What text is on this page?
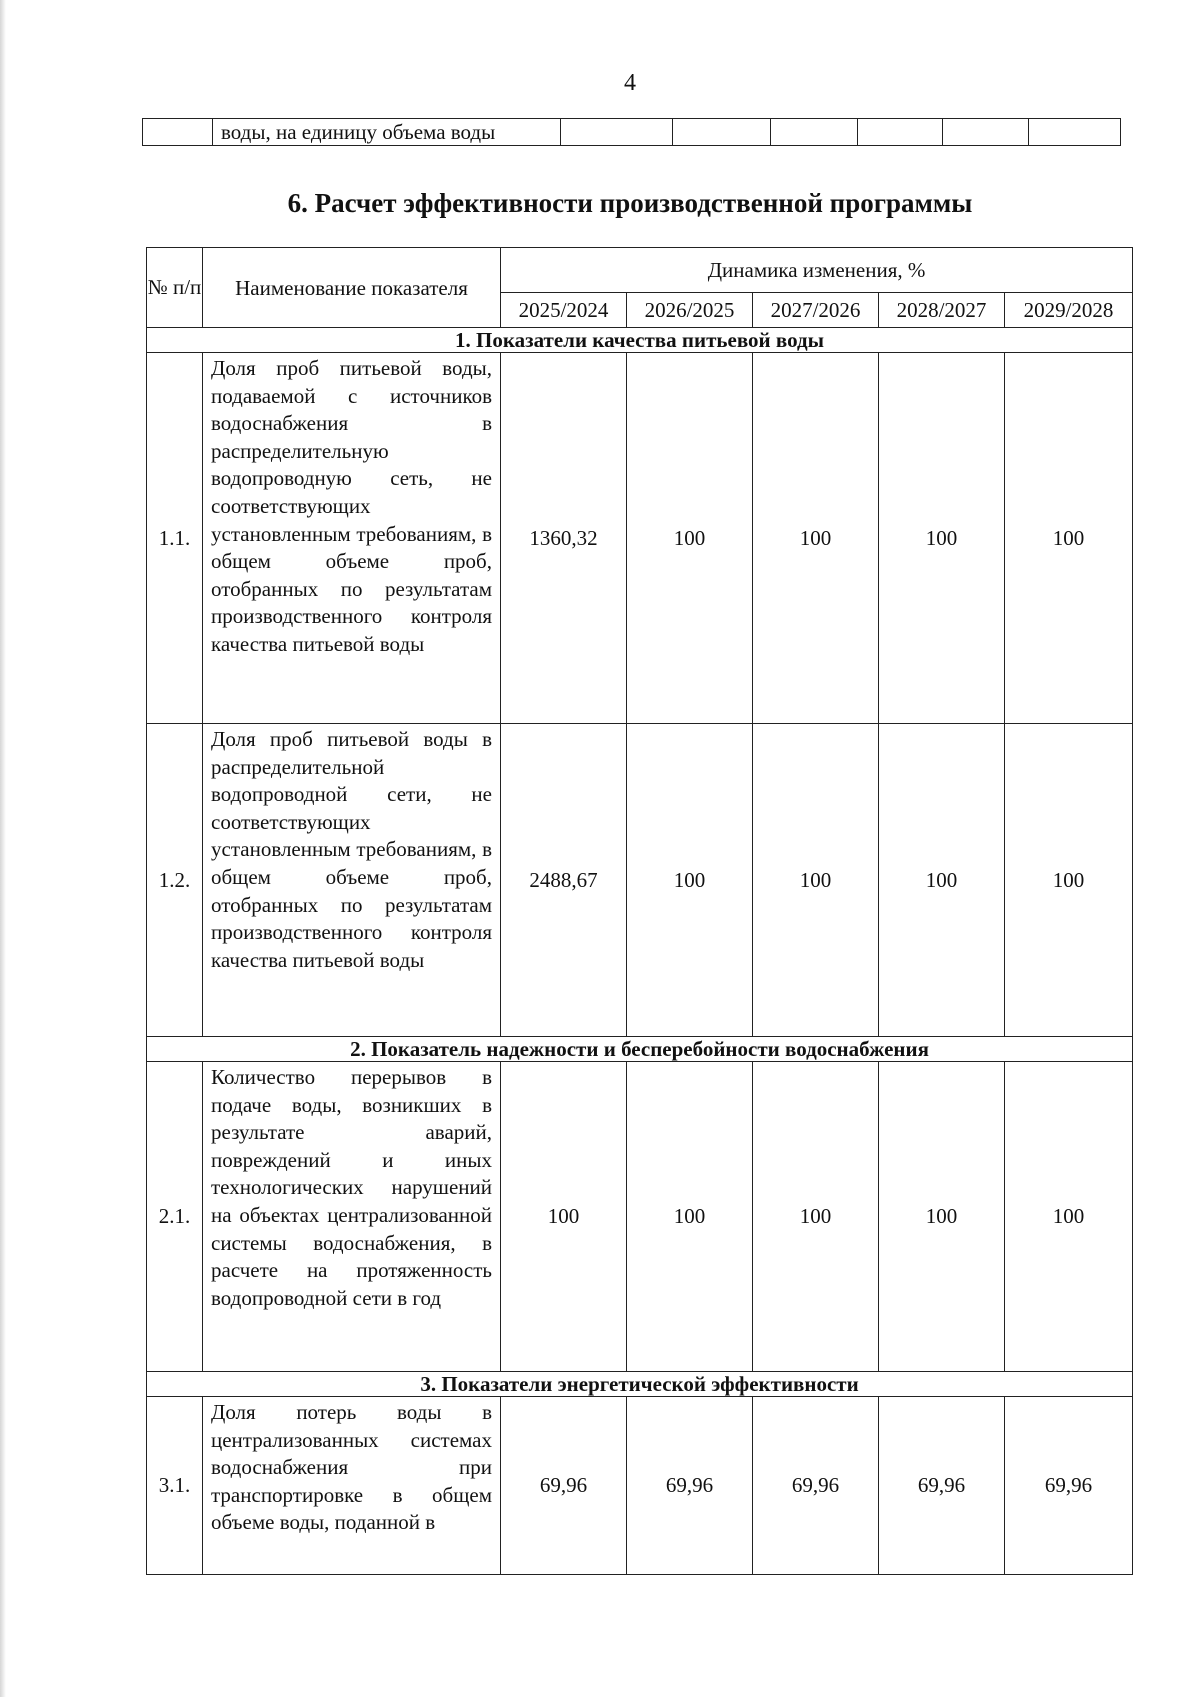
4
	воды, на единицу объема воды						
6. Расчет эффективности производственной программы
№ п/п	Наименование показателя	Динамика изменения, %				
		2025/2024	2026/2025	2027/2026	2028/2027	2029/2028
1. Показатели качества питьевой воды						
1.1.	Доля проб питьевой воды, подаваемой с источников водоснабжения в распределительную водопроводную сеть, не соответствующих установленным требованиям, в общем объеме проб, отобранных по результатам производственного контроля качества питьевой воды	1360,32	100	100	100	100
1.2.	Доля проб питьевой воды в распределительной водопроводной сети, не соответствующих установленным требованиям, в общем объеме проб, отобранных по результатам производственного контроля качества питьевой воды	2488,67	100	100	100	100
2. Показатель надежности и бесперебойности водоснабжения						
2.1.	Количество перерывов в подаче воды, возникших в результате аварий, повреждений и иных технологических нарушений на объектах централизованной системы водоснабжения, в расчете на протяженность водопроводной сети в год	100	100	100	100	100
3. Показатели энергетической эффективности						
3.1.	Доля потерь воды в централизованных системах водоснабжения при транспортировке в общем объеме воды, поданной в	69,96	69,96	69,96	69,96	69,96
